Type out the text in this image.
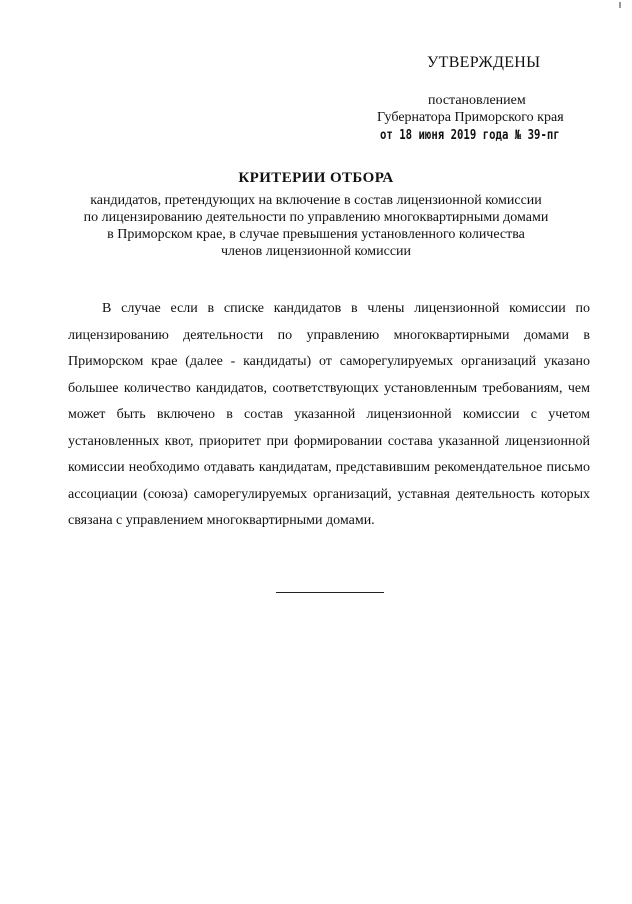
УТВЕРЖДЕНЫ
постановлением
Губернатора Приморского края
от 18 июня 2019 года № 39-пг
КРИТЕРИИ ОТБОРА
кандидатов, претендующих на включение в состав лицензионной комиссии
по лицензированию деятельности по управлению многоквартирными домами
в Приморском крае, в случае превышения установленного количества
членов лицензионной комиссии

В случае если в списке кандидатов в члены лицензионной комиссии по лицензированию деятельности по управлению многоквартирными домами в Приморском крае (далее - кандидаты) от саморегулируемых организаций указано большее количество кандидатов, соответствующих установленным требованиям, чем может быть включено в состав указанной лицензионной комиссии с учетом установленных квот, приоритет при формировании состава указанной лицензионной комиссии необходимо отдавать кандидатам, представившим рекомендательное письмо ассоциации (союза) саморегулируемых организаций, уставная деятельность которых связана с управлением многоквартирными домами.
